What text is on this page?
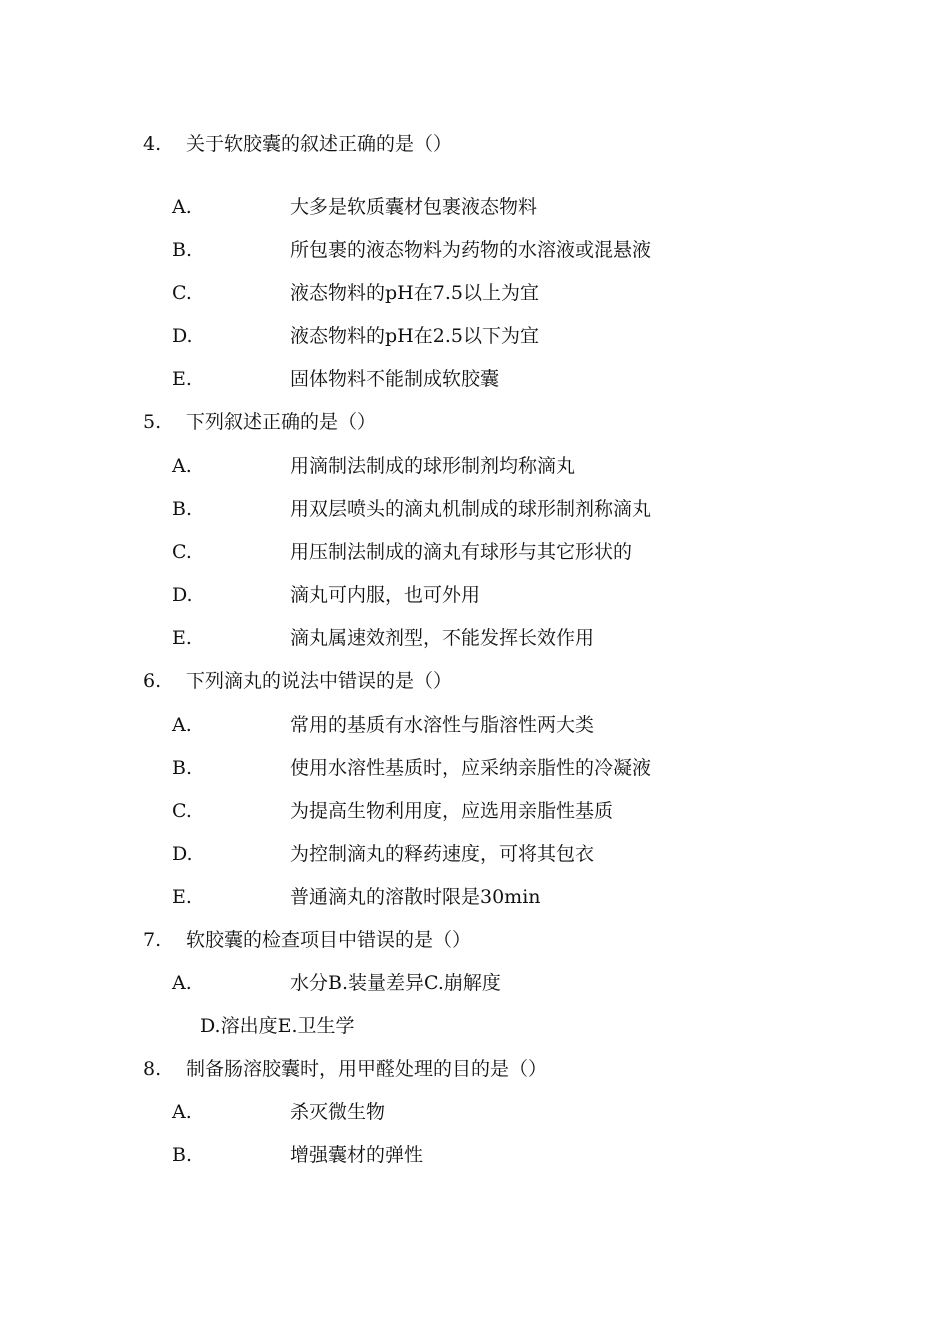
4. 关于软胶囊的叙述正确的是（）
A.	大多是软质囊材包裹液态物料
B.	所包裹的液态物料为药物的水溶液或混悬液
C.	液态物料的pH在7.5以上为宜
D.	液态物料的pH在2.5以下为宜
E.	固体物料不能制成软胶囊
5. 下列叙述正确的是（）
A.	用滴制法制成的球形制剂均称滴丸
B.	用双层喷头的滴丸机制成的球形制剂称滴丸
C.	用压制法制成的滴丸有球形与其它形状的
D.	滴丸可内服，也可外用
E.	滴丸属速效剂型，不能发挥长效作用
6. 下列滴丸的说法中错误的是（）
A.	常用的基质有水溶性与脂溶性两大类
B.	使用水溶性基质时，应采纳亲脂性的冷凝液
C.	为提高生物利用度，应选用亲脂性基质
D.	为控制滴丸的释药速度，可将其包衣
E.	普通滴丸的溶散时限是30min
7. 软胶囊的检查项目中错误的是（）
A.	水分B.装量差异C.崩解度
D.溶出度E.卫生学
8. 制备肠溶胶囊时，用甲醛处理的目的是（）
A.	杀灭微生物
B.	增强囊材的弹性
